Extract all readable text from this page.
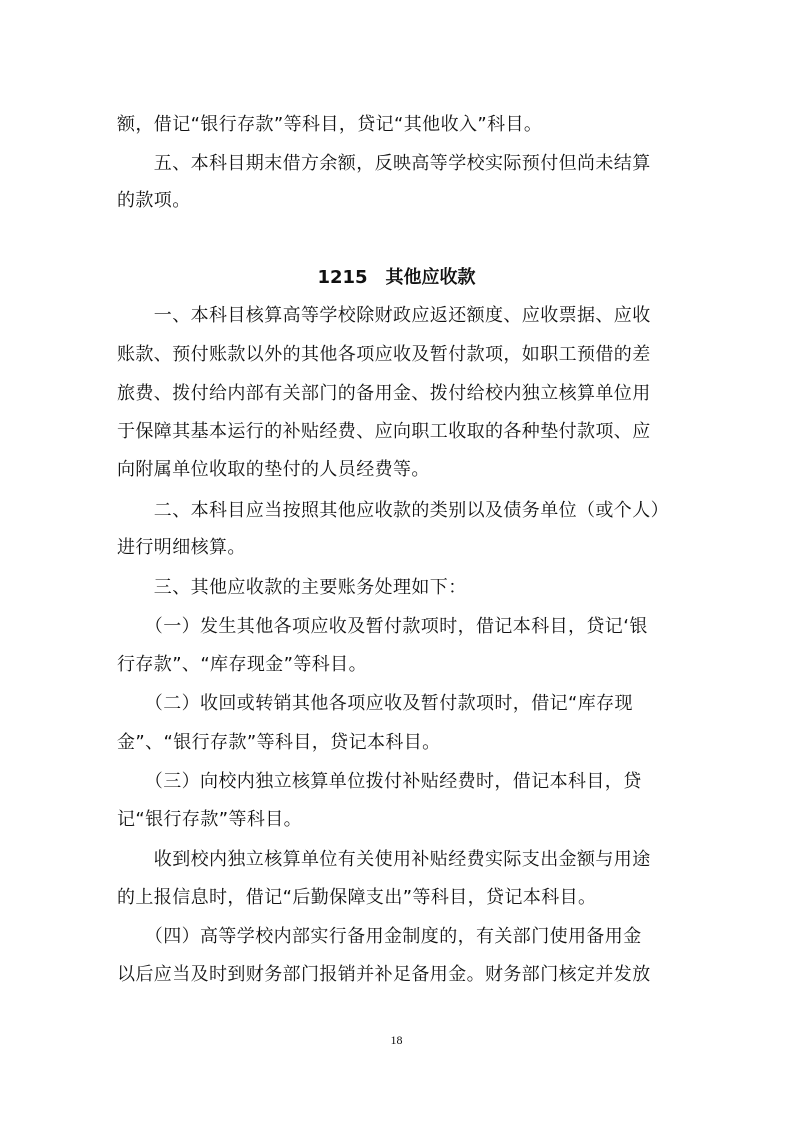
额，借记“银行存款”等科目，贷记“其他收入”科目。

　　五、本科目期末借方余额，反映高等学校实际预付但尚未结算

的款项。

1215　其他应收款

　　一、本科目核算高等学校除财政应返还额度、应收票据、应收

账款、预付账款以外的其他各项应收及暂付款项，如职工预借的差

旅费、拨付给内部有关部门的备用金、拨付给校内独立核算单位用

于保障其基本运行的补贴经费、应向职工收取的各种垫付款项、应

向附属单位收取的垫付的人员经费等。

　　二、本科目应当按照其他应收款的类别以及债务单位（或个人）

进行明细核算。

　　三、其他应收款的主要账务处理如下：

　　（一）发生其他各项应收及暂付款项时，借记本科目，贷记‘银

行存款”、“库存现金”等科目。

　　（二）收回或转销其他各项应收及暂付款项时，借记“库存现

金”、“银行存款”等科目，贷记本科目。

　　（三）向校内独立核算单位拨付补贴经费时，借记本科目，贷

记“银行存款”等科目。

　　收到校内独立核算单位有关使用补贴经费实际支出金额与用途

的上报信息时，借记“后勤保障支出”等科目，贷记本科目。

　　（四）高等学校内部实行备用金制度的，有关部门使用备用金

以后应当及时到财务部门报销并补足备用金。财务部门核定并发放

18
